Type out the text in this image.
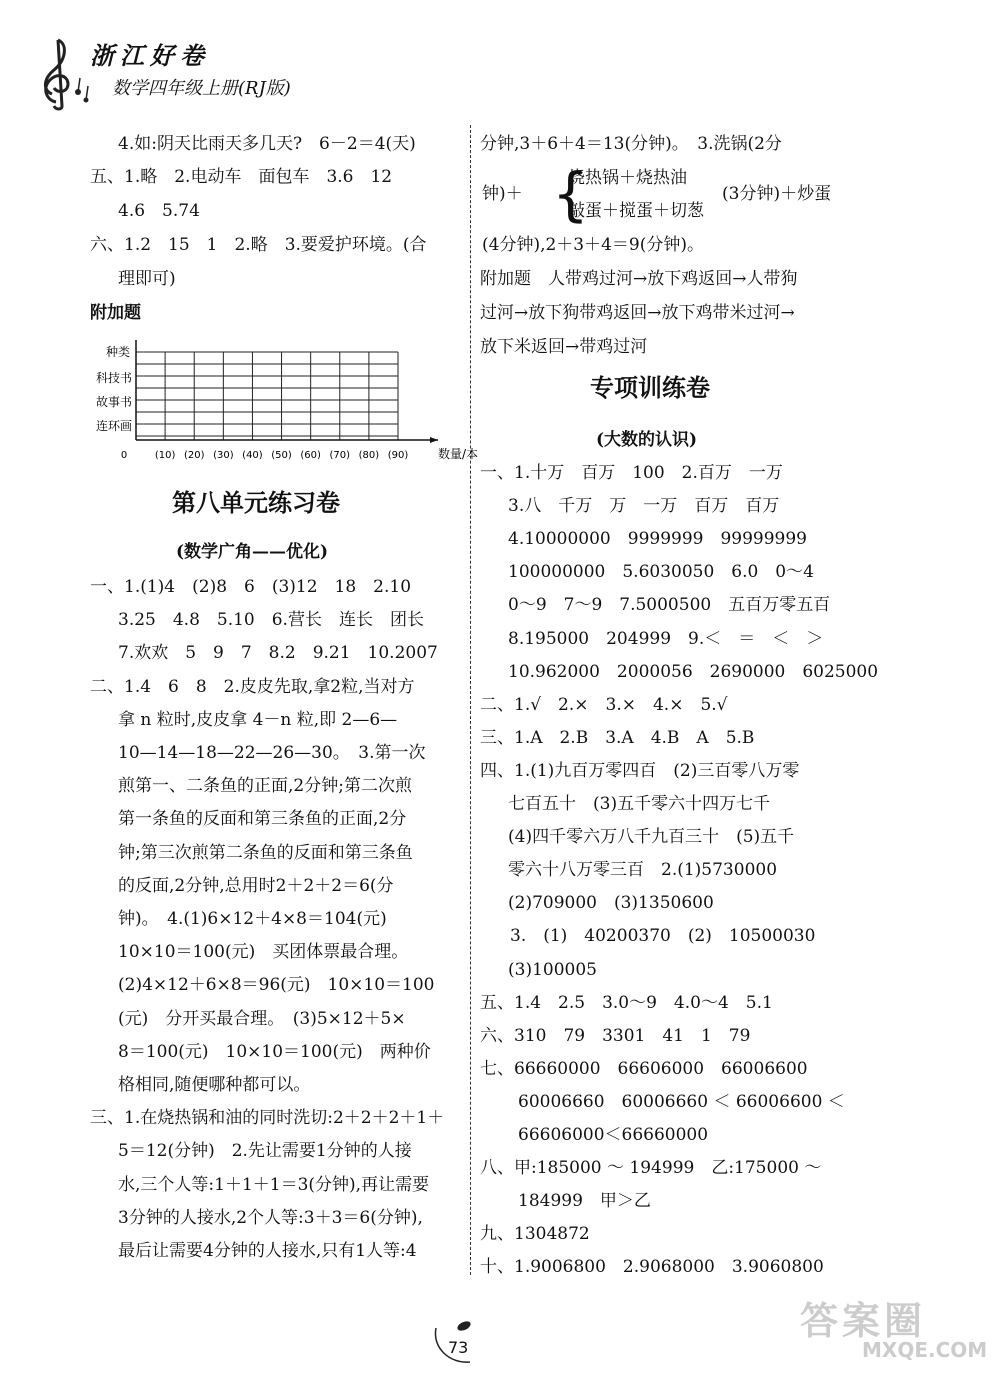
浙江好卷
数学四年级上册(RJ版)
4.如:阴天比雨天多几天?　6－2＝4(天)
五、1.略　2.电动车　面包车　3.6　12
4.6　5.74
六、1.2　15　1　2.略　3.要爱护环境。(合
理即可)
附加题
种类
科技书
故事书
连环画
0	(10) (20) (30) (40) (50) (60) (70) (80) (90) 数量/本
第八单元练习卷
(数学广角——优化)
一、1.(1)4　(2)8　6　(3)12　18　2.10
3.25　4.8　5.10　6.营长　连长　团长
7.欢欢　5　9　7　8.2　9.21　10.2007
二、1.4　6　8　2.皮皮先取,拿2粒,当对方
拿 n 粒时,皮皮拿 4－n 粒,即 2—6—
10—14—18—22—26—30。　3.第一次
煎第一、二条鱼的正面,2分钟;第二次煎
第一条鱼的反面和第三条鱼的正面,2分
钟;第三次煎第二条鱼的反面和第三条鱼
的反面,2分钟,总用时2＋2＋2＝6(分
钟)。　4.(1)6×12＋4×8＝104(元)
10×10＝100(元)　买团体票最合理。
(2)4×12＋6×8＝96(元)　10×10＝100
(元)　分开买最合理。　(3)5×12＋5×
8＝100(元)　10×10＝100(元)　两种价
格相同,随便哪种都可以。
三、1.在烧热锅和油的同时洗切:2＋2＋2＋1＋
5＝12(分钟)　2.先让需要1分钟的人接
水,三个人等:1＋1＋1＝3(分钟),再让需要
3分钟的人接水,2个人等:3＋3＝6(分钟),
最后让需要4分钟的人接水,只有1人等:4
分钟,3＋6＋4＝13(分钟)。　3.洗锅(2分
钟)＋ {
烧热锅＋烧热油
敲蛋＋搅蛋＋切葱
(3分钟)＋炒蛋
(4分钟),2＋3＋4＝9(分钟)。
附加题　人带鸡过河→放下鸡返回→人带狗
过河→放下狗带鸡返回→放下鸡带米过河→
放下米返回→带鸡过河
专项训练卷
(大数的认识)
一、1.十万　百万　100　2.百万　一万
3.八　千万　万　一万　百万　百万
4.10000000　9999999　99999999
100000000　5.6030050　6.0　0～4
0～9　7～9　7.5000500　五百万零五百
8.195000　204999　9.＜　＝　＜　＞
10.962000　2000056　2690000　6025000
二、1.√　2.×　3.×　4.×　5.√
三、1.A　2.B　3.A　4.B　A　5.B
四、1.(1)九百万零四百　(2)三百零八万零
七百五十　(3)五千零六十四万七千
(4)四千零六万八千九百三十　(5)五千
零六十八万零三百　2.(1)5730000
(2)709000　(3)1350600
3.　(1)　40200370　(2)　10500030
(3)100005
五、1.4　2.5　3.0～9　4.0～4　5.1
六、310　79　3301　41　1　79
七、66660000　66606000　66006600
60006660　60006660 ＜ 66006600 ＜
66606000＜66660000
八、甲:185000 ～ 194999　乙:175000 ～
184999　甲＞乙
九、1304872
十、1.9006800　2.9068000　3.9060800
73
答案圈
MXQE.COM
